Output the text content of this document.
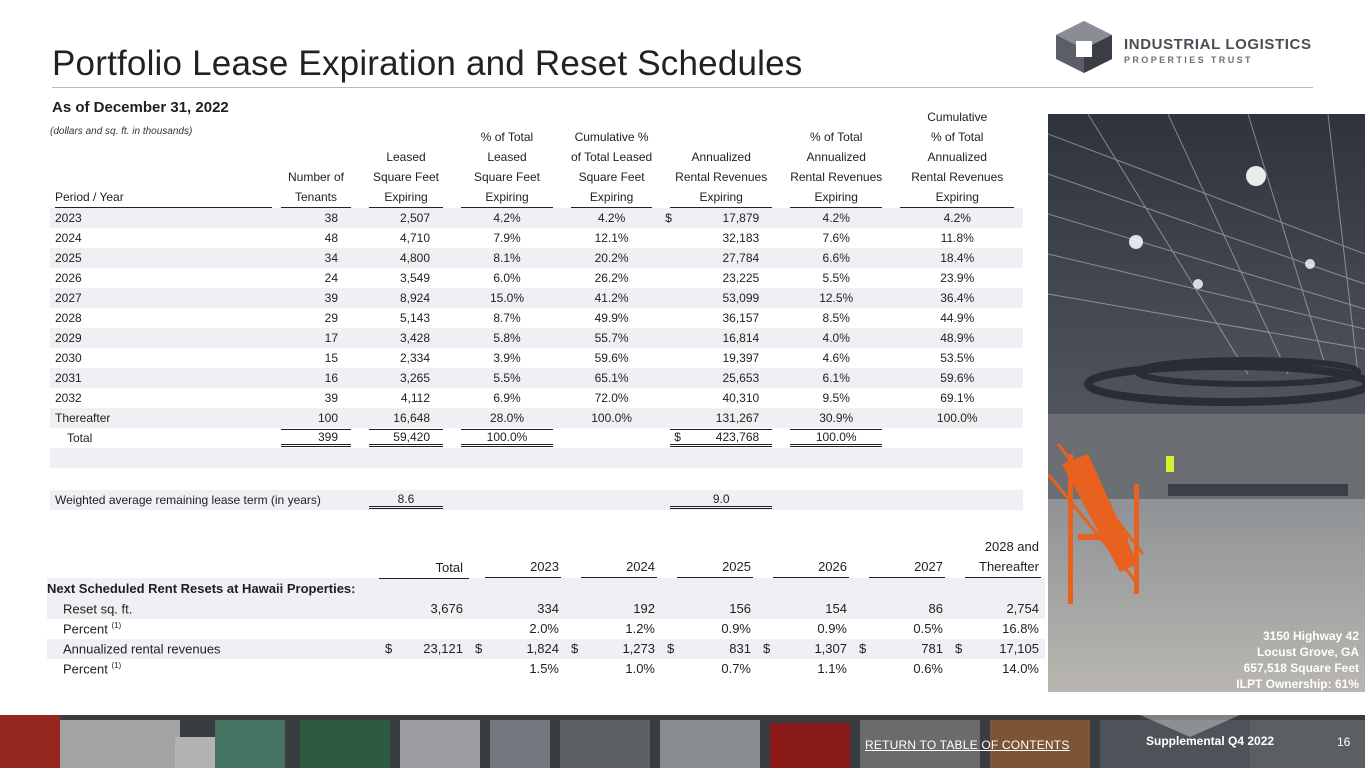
Portfolio Lease Expiration and Reset Schedules	INDUSTRIAL LOGISTICS
PROPERTIES TRUST
As of December 31, 2022
(dollars and sq. ft. in thousands)
							Cumulative
			% of Total	Cumulative %		% of Total	% of Total
		Leased	Leased	of Total Leased	Annualized	Annualized	Annualized
	Number of	Square Feet	Square Feet	Square Feet	Rental Revenues	Rental Revenues	Rental Revenues
Period / Year	Tenants	Expiring	Expiring	Expiring	Expiring	Expiring	Expiring
2023	38	2,507	4.2%	4.2%	$ 17,879	4.2%	4.2%
2024	48	4,710	7.9%	12.1%	32,183	7.6%	11.8%
2025	34	4,800	8.1%	20.2%	27,784	6.6%	18.4%
2026	24	3,549	6.0%	26.2%	23,225	5.5%	23.9%
2027	39	8,924	15.0%	41.2%	53,099	12.5%	36.4%
2028	29	5,143	8.7%	49.9%	36,157	8.5%	44.9%
2029	17	3,428	5.8%	55.7%	16,814	4.0%	48.9%
2030	15	2,334	3.9%	59.6%	19,397	4.6%	53.5%
2031	16	3,265	5.5%	65.1%	25,653	6.1%	59.6%
2032	39	4,112	6.9%	72.0%	40,310	9.5%	69.1%
Thereafter	100	16,648	28.0%	100.0%	131,267	30.9%	100.0%
Total	399	59,420	100.0%		$ 423,768	100.0%	

Weighted average remaining lease term (in years)		8.6			9.0		

	Total	2023	2024	2025	2026	2027	2028 and
Thereafter

Next Scheduled Rent Resets at Hawaii Properties:							
Reset sq. ft.	3,676	334	192	156	154	86	2,754
Percent $^{(1)}$		2.0%	1.2%	0.9%	0.9%	0.5%	16.8%
Annualized rental revenues	$ 23,121	$ 1,824	$ 1,273	$ 831	$ 1,307	$ 781	$ 17,105
Percent $^{(1)}$		1.5%	1.0%	0.7%	1.1%	0.6%	14.0%
3150 Highway 42
Locust Grove, GA
657,518 Square Feet
ILPT Ownership: 61%
RETURN TO TABLE OF CONTENTS	Supplemental Q4 2022	16
